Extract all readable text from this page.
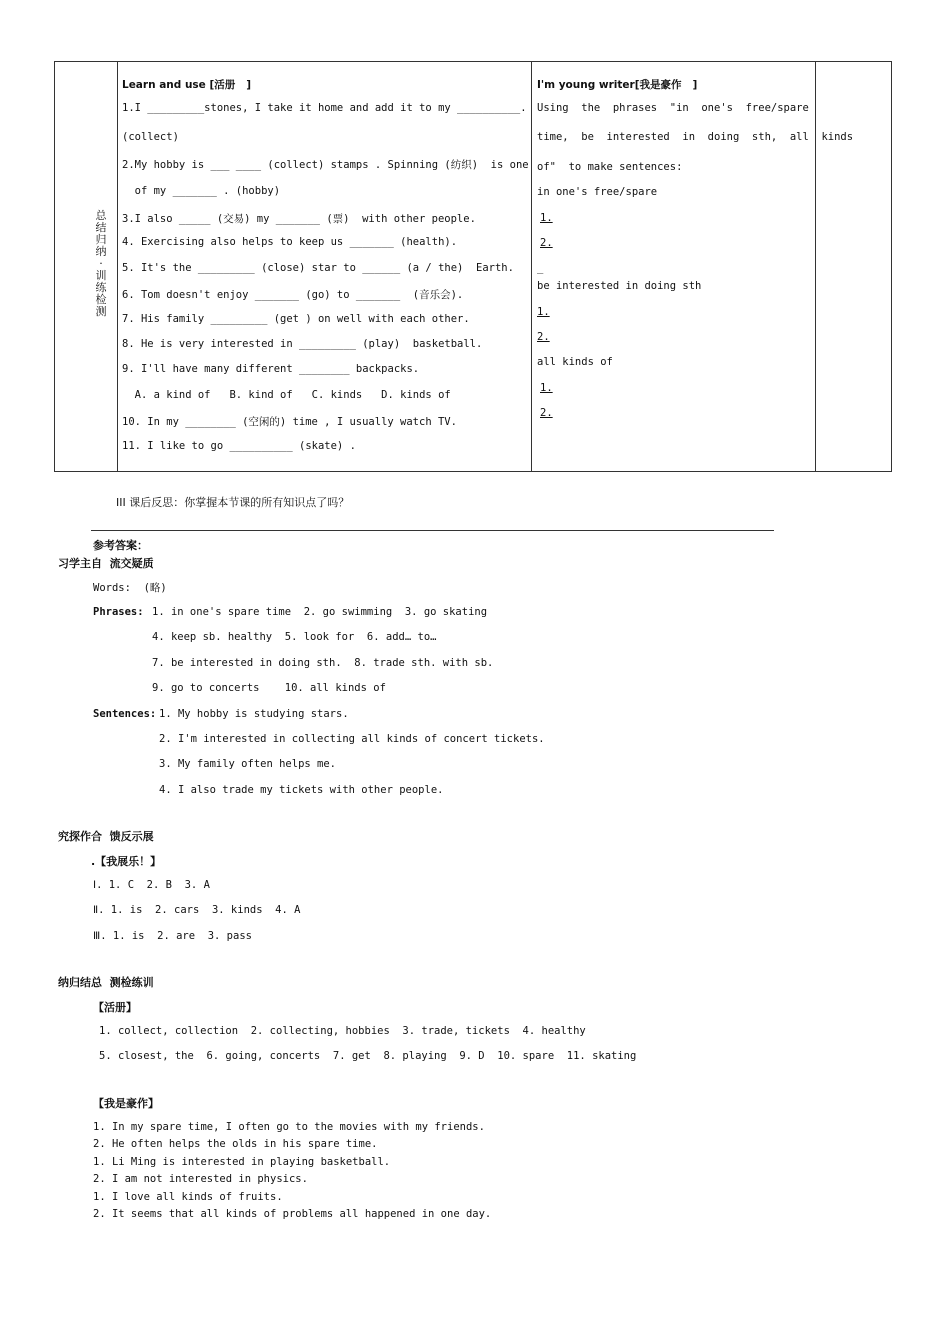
总
结
归
纳
·
训
练
检
测
Learn and use [活册   ]
1.I _________stones, I take it home and add it to my __________.
(collect)
2.My hobby is ___ ____ (collect) stamps . Spinning (纺织)  is one
of my _______ . (hobby)
3.I also _____ (交易) my _______ (票)  with other people.
4. Exercising also helps to keep us _______ (health).
5. It's the _________ (close) star to ______ (a / the)  Earth.
6. Tom doesn't enjoy _______ (go) to _______  (音乐会).
7. His family _________ (get ) on well with each other.
8. He is very interested in _________ (play)  basketball.
9. I'll have many different ________ backpacks.
A. a kind of   B. kind of   C. kinds   D. kinds of
10. In my ________ (空闲的) time , I usually watch TV.
11. I like to go __________ (skate) .
I'm young writer[我是豪作   ]
Using  the  phrases  "in  one's  free/spare
time,  be  interested  in  doing  sth,  all  kinds
of"  to make sentences:
in one's free/spare
1.
2.
_
be interested in doing sth
1.
2.
all kinds of
1.
2.
III 课后反思：你掌握本节课的所有知识点了吗？
参考答案：
习学主自  流交疑质
Words:  (略)
Phrases: 1. in one's spare time  2. go swimming  3. go skating
4. keep sb. healthy  5. look for  6. add… to…
7. be interested in doing sth.  8. trade sth. with sb.
9. go to concerts    10. all kinds of
Sentences: 1. My hobby is studying stars.
2. I'm interested in collecting all kinds of concert tickets.
3. My family often helps me.
4. I also trade my tickets with other people.
究探作合  馈反示展
.【我展乐！】
Ⅰ. 1. C  2. B  3. A
Ⅱ. 1. is  2. cars  3. kinds  4. A
Ⅲ. 1. is  2. are  3. pass
纳归结总  测检练训
【活册】
1. collect, collection  2. collecting, hobbies  3. trade, tickets  4. healthy
5. closest, the  6. going, concerts  7. get  8. playing  9. D  10. spare  11. skating
【我是豪作】
1. In my spare time, I often go to the movies with my friends.
2. He often helps the olds in his spare time.
1. Li Ming is interested in playing basketball.
2. I am not interested in physics.
1. I love all kinds of fruits.
2. It seems that all kinds of problems all happened in one day.
